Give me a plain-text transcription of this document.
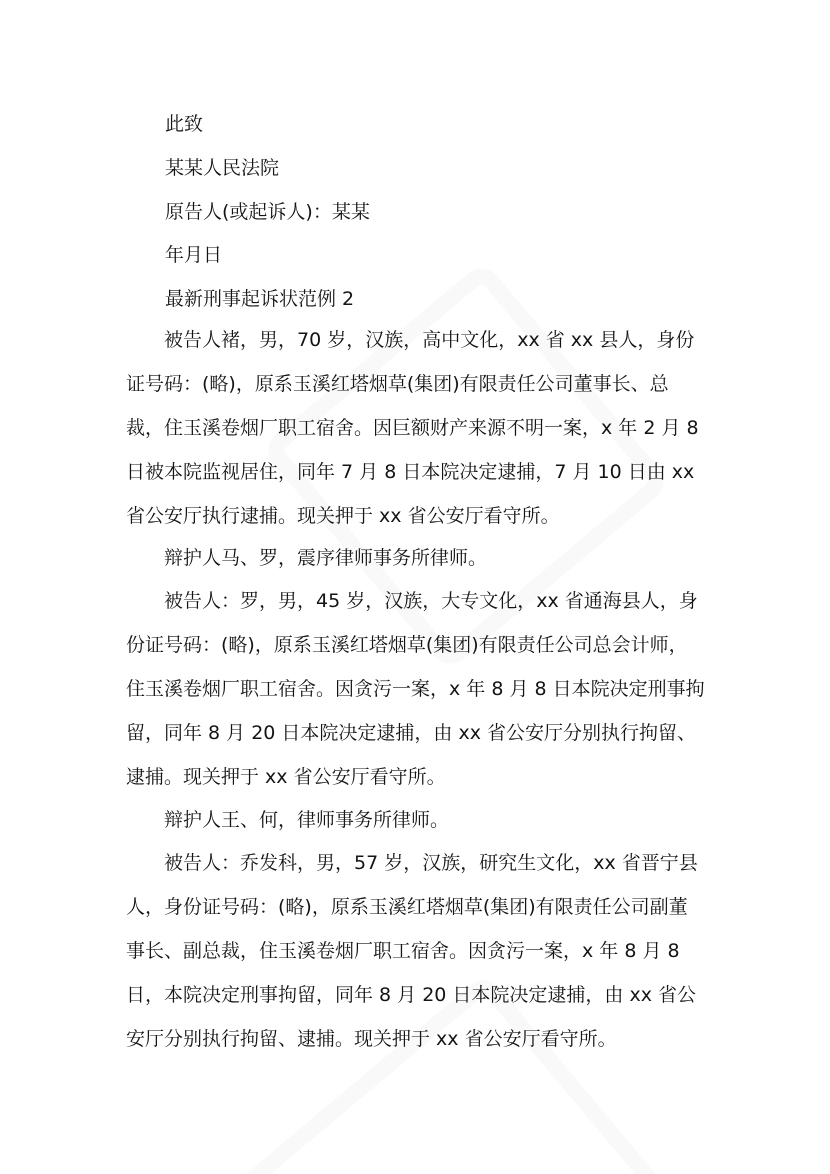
此致
某某人民法院
原告人(或起诉人)：某某
年月日
最新刑事起诉状范例 2
被告人褚，男，70 岁，汉族，高中文化，xx 省 xx 县人，身份证号码：(略)，原系玉溪红塔烟草(集团)有限责任公司董事长、总裁，住玉溪卷烟厂职工宿舍。因巨额财产来源不明一案，x 年 2 月 8 日被本院监视居住，同年 7 月 8 日本院决定逮捕，7 月 10 日由 xx 省公安厅执行逮捕。现关押于 xx 省公安厅看守所。
辩护人马、罗，震序律师事务所律师。
被告人：罗，男，45 岁，汉族，大专文化，xx 省通海县人，身份证号码：(略)，原系玉溪红塔烟草(集团)有限责任公司总会计师，住玉溪卷烟厂职工宿舍。因贪污一案，x 年 8 月 8 日本院决定刑事拘留，同年 8 月 20 日本院决定逮捕，由 xx 省公安厅分别执行拘留、逮捕。现关押于 xx 省公安厅看守所。
辩护人王、何，律师事务所律师。
被告人：乔发科，男，57 岁，汉族，研究生文化，xx 省晋宁县人，身份证号码：(略)，原系玉溪红塔烟草(集团)有限责任公司副董事长、副总裁，住玉溪卷烟厂职工宿舍。因贪污一案，x 年 8 月 8 日，本院决定刑事拘留，同年 8 月 20 日本院决定逮捕，由 xx 省公安厅分别执行拘留、逮捕。现关押于 xx 省公安厅看守所。
